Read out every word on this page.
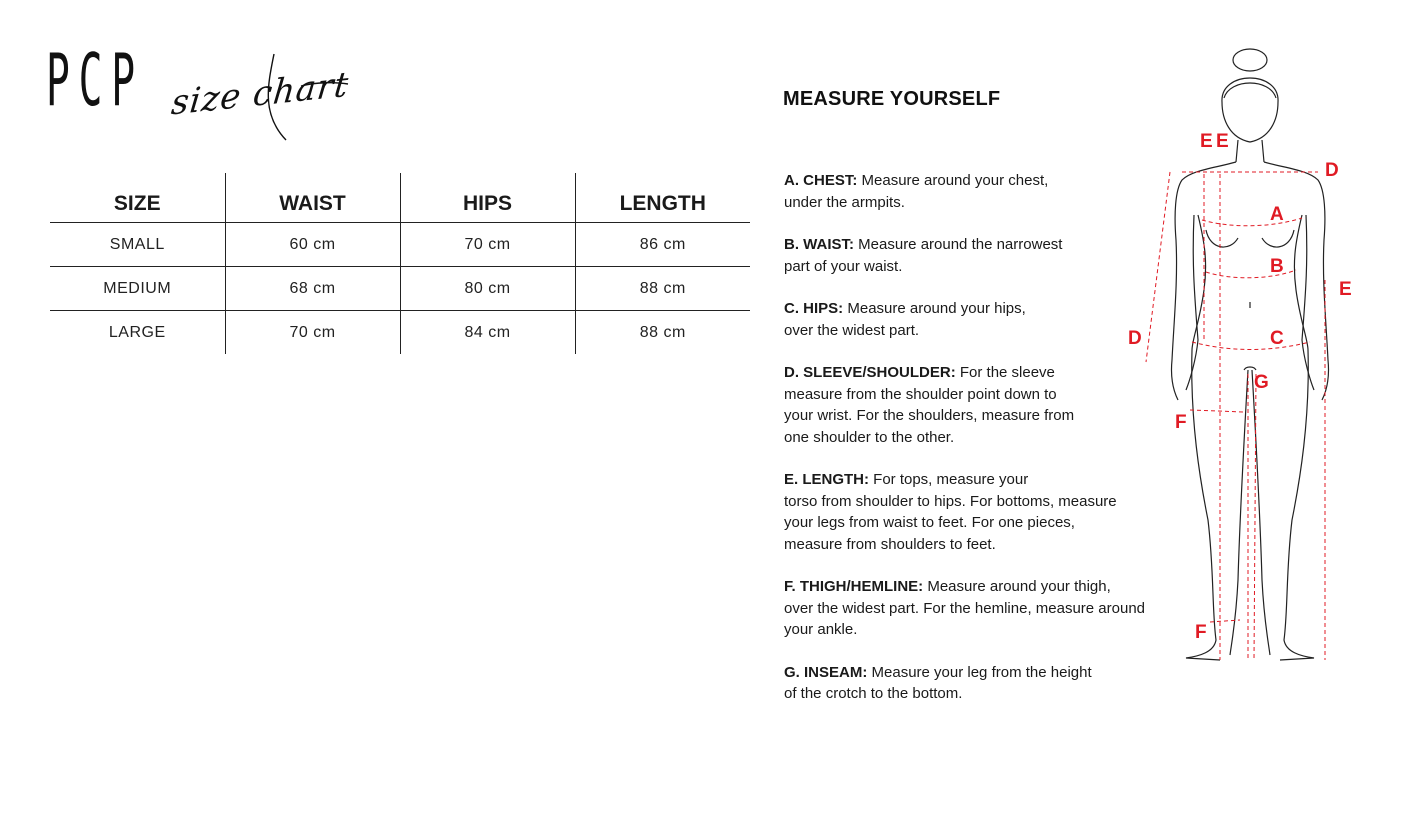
PCP size chart
SIZE	WAIST	HIPS	LENGTH
SMALL	60 cm	70 cm	86 cm
MEDIUM	68 cm	80 cm	88 cm
LARGE	70 cm	84 cm	88 cm
MEASURE YOURSELF
A. CHEST: Measure around your chest,
under the armpits.
B. WAIST: Measure around the narrowest
part of your waist.
C. HIPS: Measure around your hips,
over the widest part.
D. SLEEVE/SHOULDER: For the sleeve
measure from the shoulder point down to
your wrist. For the shoulders, measure from
one shoulder to the other.
E. LENGTH: For tops, measure your
torso from shoulder to hips. For bottoms, measure
your legs from waist to feet. For one pieces,
measure from shoulders to feet.
F. THIGH/HEMLINE: Measure around your thigh,
over the widest part. For the hemline, measure around
your ankle.
G. INSEAM: Measure your leg from the height
of the crotch to the bottom.
E E
D
A
B
E
D	C
G
F
F
